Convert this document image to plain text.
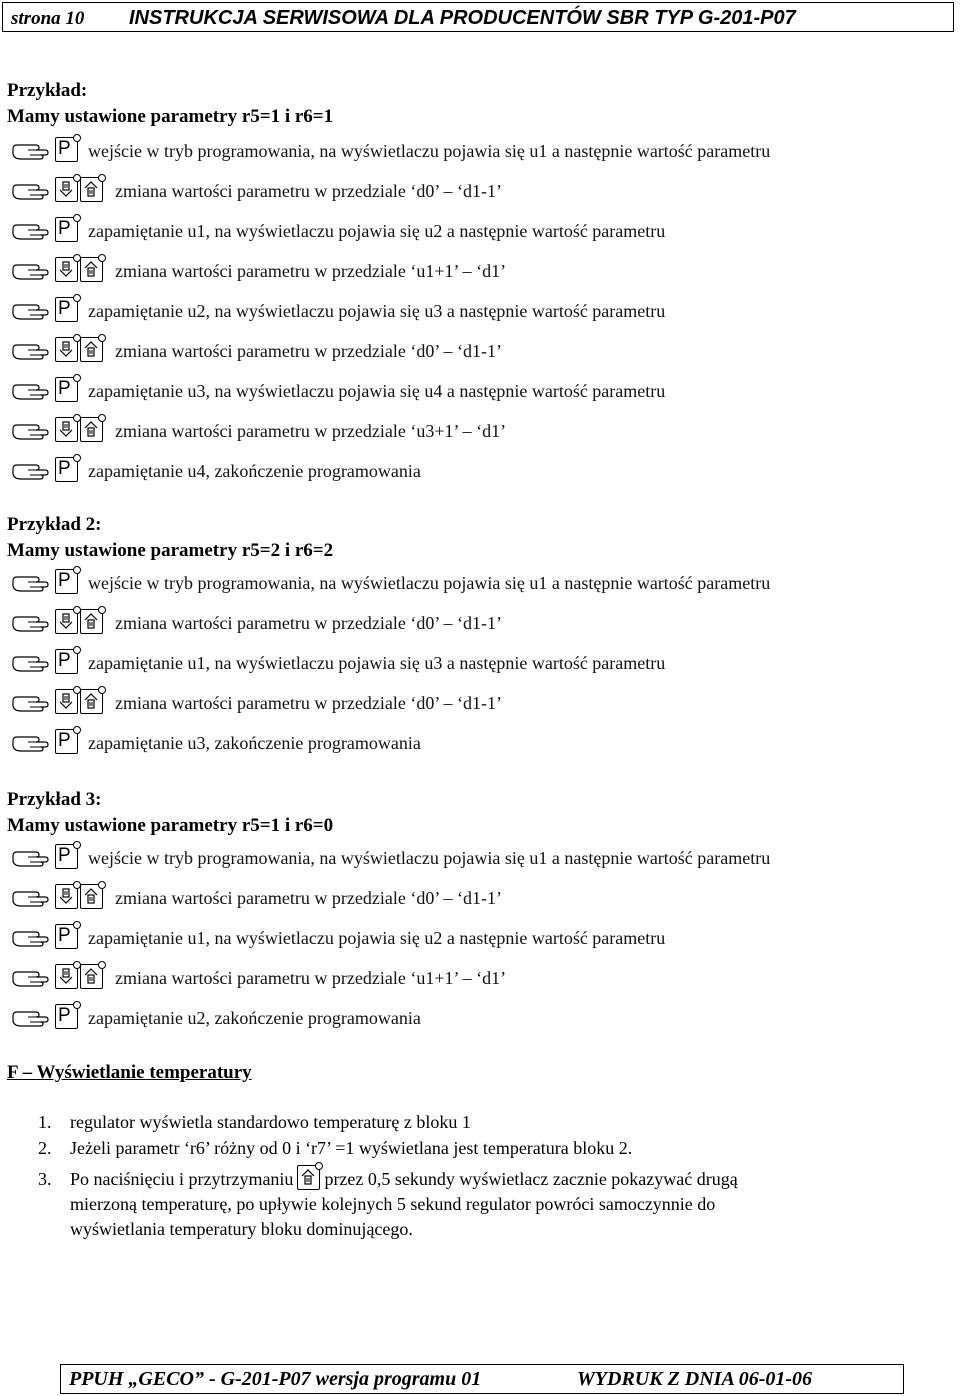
strona 10 INSTRUKCJA SERWISOWA DLA PRODUCENTÓW SBR TYP G-201-P07
Przykład:
Mamy ustawione parametry r5=1 i r6=1
P wejście w tryb programowania, na wyświetlaczu pojawia się u1 a następnie wartość parametru
zmiana wartości parametru w przedziale ‘d0’ – ‘d1-1’
P zapamiętanie u1, na wyświetlaczu pojawia się u2 a następnie wartość parametru
zmiana wartości parametru w przedziale ‘u1+1’ – ‘d1’
P zapamiętanie u2, na wyświetlaczu pojawia się u3 a następnie wartość parametru
zmiana wartości parametru w przedziale ‘d0’ – ‘d1-1’
P zapamiętanie u3, na wyświetlaczu pojawia się u4 a następnie wartość parametru
zmiana wartości parametru w przedziale ‘u3+1’ – ‘d1’
P zapamiętanie u4, zakończenie programowania
Przykład 2:
Mamy ustawione parametry r5=2 i r6=2
P wejście w tryb programowania, na wyświetlaczu pojawia się u1 a następnie wartość parametru
zmiana wartości parametru w przedziale ‘d0’ – ‘d1-1’
P zapamiętanie u1, na wyświetlaczu pojawia się u3 a następnie wartość parametru
zmiana wartości parametru w przedziale ‘d0’ – ‘d1-1’
P zapamiętanie u3, zakończenie programowania
Przykład 3:
Mamy ustawione parametry r5=1 i r6=0
P wejście w tryb programowania, na wyświetlaczu pojawia się u1 a następnie wartość parametru
zmiana wartości parametru w przedziale ‘d0’ – ‘d1-1’
P zapamiętanie u1, na wyświetlaczu pojawia się u2 a następnie wartość parametru
zmiana wartości parametru w przedziale ‘u1+1’ – ‘d1’
P zapamiętanie u2, zakończenie programowania
F – Wyświetlanie temperatury
1. regulator wyświetla standardowo temperaturę z bloku 1
2. Jeżeli parametr ‘r6’ różny od 0 i ‘r7’ =1 wyświetlana jest temperatura bloku 2.
3. Po naciśnięciu i przytrzymaniu przez 0,5 sekundy wyświetlacz zacznie pokazywać drugą
mierzoną temperaturę, po upływie kolejnych 5 sekund regulator powróci samoczynnie do
wyświetlania temperatury bloku dominującego.
PPUH „GECO” - G-201-P07 wersja programu 01	WYDRUK Z DNIA 06-01-06
